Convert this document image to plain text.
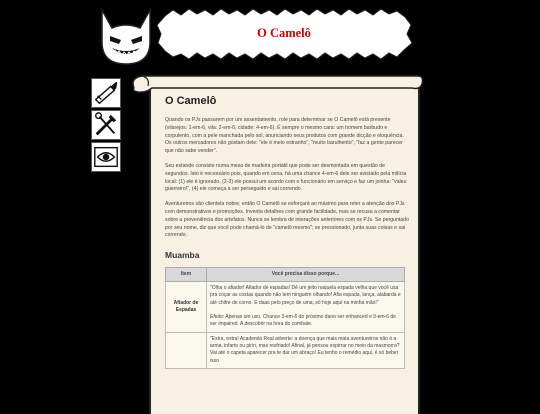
O Camelô
O Camelô

Quando os PJs passarem por um assentamento, role para determinar se O Camelô está presente (vilarejos: 1-em-6, vila: 2-em-6, cidade: 4-em-6). É sempre o mesmo cara: um homem barbudo e corpulento, com a pele manchada pelo sol, anunciando seus produtos com grande dicção e eloquência. Os outros mercadores não gostam dele: "ele é meio estranho", "muito barulhento", "faz a gente parecer que não sabe vender".

Seu estande consiste numa mesa de madeira portátil que pode ser desmontada em questão de segundos. Isto é necessário pois, quando em cena, há uma chance 4-em-6 dele ser avistado pela milícia local: (1) ele é ignorado, (2-3) ele possui um acordo com o funcionário em serviço e faz um joinha: "valeu guerreiro!", (4) ele começa a ser perseguido e sai correndo.

Aventureiros são clientela nobre, então O Camelô se esforçará ao máximo para reter a atenção dos PJs com demonstrativos e promoções. Inventa detalhes com grande facilidade, mas se recusa a comentar sobre a proveniência dos artefatos. Nunca se lembra de interações anteriores com os PJs. Se perguntado por seu nome, diz que você pode chamá-lo de "camelô mesmo"; se pressionado, junta suas coisas e sai correndo.

Muamba
Item	Você precisa disso porque...
Afiador de Espadas	"Olha o afiador! Afiador de espadas! Dê um jeito naquela espada velha que você usa pra coçar as costas quando não tem ninguém olhando! Afia espada, lança, alabarda e até chifre de corno. E daas pelo preço de uma, só hoje aqui na minha mão!"
Efeito: Apenas um uso. Chance 3-em-6 do próximo dano ser enhanced e 3-em-6 de ser impaired. A descobrir na hora do combate.

	"Extra, extra! Academia Real adverte: a doença que mais mata aventureiros não é a arma, infarto ou pirin, mas resfriado! Afinal, já pensou espirrar no meio da masmorra? Vai até o capeta aparecer pra te dar um abraço! Eu tenho o remédio aqui, é só beber isso
